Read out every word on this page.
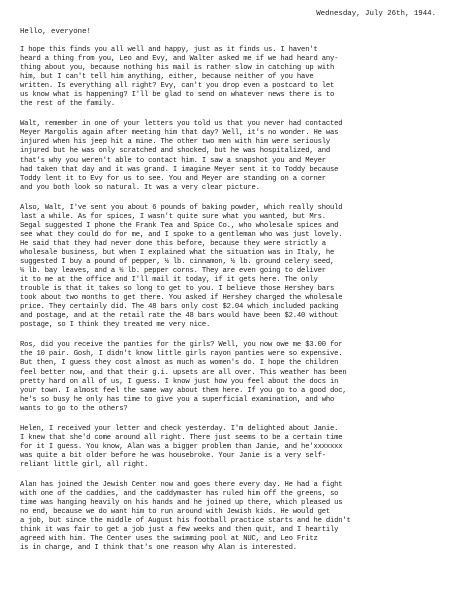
Wednesday, July 26th, 1944.
Hello, everyone!
I hope this finds you all well and happy, just as it finds us. I haven't
heard a thing from you, Leo and Evy, and Walter asked me if we had heard any-
thing about you, because nothing his mail is rather slow in catching up with
him, but I can't tell him anything, either, because neither of you have
written. Is everything all right? Evy, can't you drop even a postcard to let
us know what is happening? I'll be glad to send on whatever news there is to
the rest of the family.
Walt, remember in one of your letters you told us that you never had contacted
Meyer Margolis again after meeting him that day? Well, it's no wonder. He was
injured when his jeep hit a mine. The other two men with him were seriously
injured but he was only scratched and shocked, but he was hospitalized, and
that's why you weren't able to contact him. I saw a snapshot you and Meyer
had taken that day and it was grand. I imagine Meyer sent it to Toddy because
Toddy lent it to Evy for us to see. You and Meyer are standing on a corner
and you both look so natural. It was a very clear picture.
Also, Walt, I've sent you about 6 pounds of baking powder, which really should
last a while. As for spices, I wasn't quite sure what you wanted, but Mrs.
Segal suggested I phone the Frank Tea and Spice Co., who wholesale spices and
see what they could do for me, and I spoke to a gentleman who was just lovely.
He said that they had never done this before, because they were strictly a
wholesale business, but when I explained what the situation was in Italy, he
suggested I buy a pound of pepper, ½ lb. cinnamon, ½ lb. ground celery seed,
¼ lb. bay leaves, and a ½ lb. pepper corns. They are even going to deliver
it to me at the office and I'll mail it today, if it gets here. The only
trouble is that it takes so long to get to you. I believe those Hershey bars
took about two months to get there. You asked if Hershey charged the wholesale
price. They certainly did. The 48 bars only cost $2.04 which included packing
and postage, and at the retail rate the 48 bars would have been $2.40 without
postage, so I think they treated me very nice.
Ros, did you receive the panties for the girls? Well, you now owe me $3.00 for
the 10 pair. Gosh, I didn't know little girls rayon panties were so expensive.
But then, I guess they cost almost as much as women's do. I hope the children
feel better now, and that their g.i. upsets are all over. This weather has been
pretty hard on all of us, I guess. I know just how you feel about the docs in
your town. I almost feel the same way about them here. If you go to a good doc,
he's so busy he only has time to give you a superficial examination, and who
wants to go to the others?
Helen, I received your letter and check yesterday. I'm delighted about Janie.
I knew that she'd come around all right. There just seems to be a certain time
for it I guess. You know, Alan was a bigger problem than Janie, and he'xxxxxxx
was quite a bit older before he was housebroke. Your Janie is a very self-
reliant little girl, all right.
Alan has joined the Jewish Center now and goes there every day. He had a fight
with one of the caddies, and the caddymaster has ruled him off the greens, so
time was hanging heavily on his hands and he joined up there, which pleased us
no end, because we do want him to run around with Jewish kids. He would get
a job, but since the middle of August his football practice starts and he didn't
think it was fair to get a job just a few weeks and then quit, and I heartily
agreed with him. The Center uses the swimming pool at NUC, and Leo Fritz
is in charge, and I think that's one reason why Alan is interested.
